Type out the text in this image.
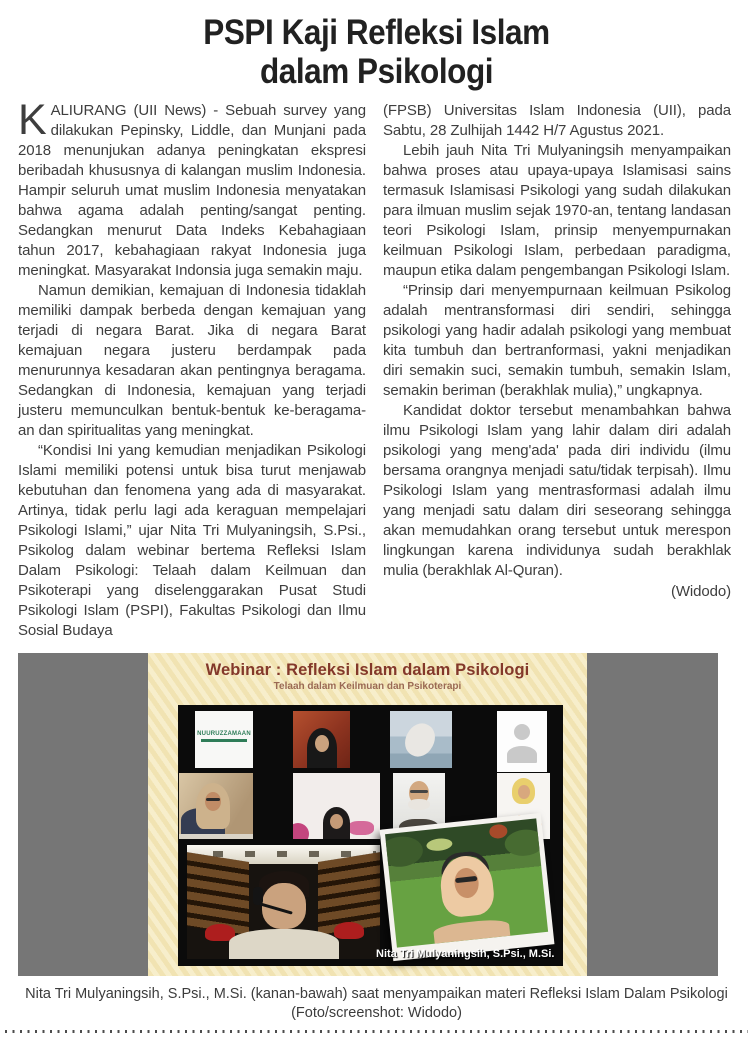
PSPI Kaji Refleksi Islam
dalam Psikologi

KALIURANG (UII News) - Sebuah survey yang dilakukan Pepinsky, Liddle, dan Munjani pada 2018 menunjukan adanya peningkatan ekspresi beribadah khususnya di kalangan muslim Indonesia. Hampir seluruh umat muslim Indonesia menyatakan bahwa agama adalah penting/sangat penting. Sedangkan menurut Data Indeks Kebahagiaan tahun 2017, kebahagiaan rakyat Indonesia juga meningkat. Masyarakat Indonsia juga semakin maju.

Namun demikian, kemajuan di Indonesia tidaklah memiliki dampak berbeda dengan kemajuan yang terjadi di negara Barat. Jika di negara Barat kemajuan negara justeru berdampak pada menurunnya kesadaran akan pentingnya beragama. Sedangkan di Indonesia, kemajuan yang terjadi justeru memunculkan bentuk-bentuk ke-beragama-an dan spiritualitas yang meningkat.

“Kondisi Ini yang kemudian menjadikan Psikologi Islami memiliki potensi untuk bisa turut menjawab kebutuhan dan fenomena yang ada di masyarakat. Artinya, tidak perlu lagi ada keraguan mempelajari Psikologi Islami,” ujar Nita Tri Mulyaningsih, S.Psi., Psikolog dalam webinar bertema Refleksi Islam Dalam Psikologi: Telaah dalam Keilmuan dan Psikoterapi yang diselenggarakan Pusat Studi Psikologi Islam (PSPI), Fakultas Psikologi dan Ilmu Sosial Budaya

(FPSB) Universitas Islam Indonesia (UII), pada Sabtu, 28 Zulhijah 1442 H/7 Agustus 2021.

Lebih jauh Nita Tri Mulyaningsih menyampaikan bahwa proses atau upaya-upaya Islamisasi sains termasuk Islamisasi Psikologi yang sudah dilakukan para ilmuan muslim sejak 1970-an, tentang landasan teori Psikologi Islam, prinsip menyempurnakan keilmuan Psikologi Islam, perbedaan paradigma, maupun etika dalam pengembangan Psikologi Islam.

“Prinsip dari menyempurnaan keilmuan Psikolog adalah mentransformasi diri sendiri, sehingga psikologi yang hadir adalah psikologi yang membuat kita tumbuh dan bertranformasi, yakni menjadikan diri semakin suci, semakin tumbuh, semakin Islam, semakin beriman (berakhlak mulia),” ungkapnya.

Kandidat doktor tersebut menambahkan bahwa ilmu Psikologi Islam yang lahir dalam diri adalah psikologi yang meng'ada' pada diri individu (ilmu bersama orangnya menjadi satu/tidak terpisah). Ilmu Psikologi Islam yang mentrasformasi adalah ilmu yang menjadi satu dalam diri seseorang sehingga akan memudahkan orang tersebut untuk merespon lingkungan karena individunya sudah berakhlak mulia (berakhlak Al-Quran).

(Widodo)

Webinar : Refleksi Islam dalam Psikologi
Telaah dalam Keilmuan dan Psikoterapi
NUURUZZAMAAN
Nita Tri Mulyaningsih, S.Psi., M.Si.
Nita Tri Mulyaningsih, S.Psi., M.Si. (kanan-bawah) saat menyampaikan materi Refleksi Islam Dalam Psikologi
(Foto/screenshot: Widodo)
